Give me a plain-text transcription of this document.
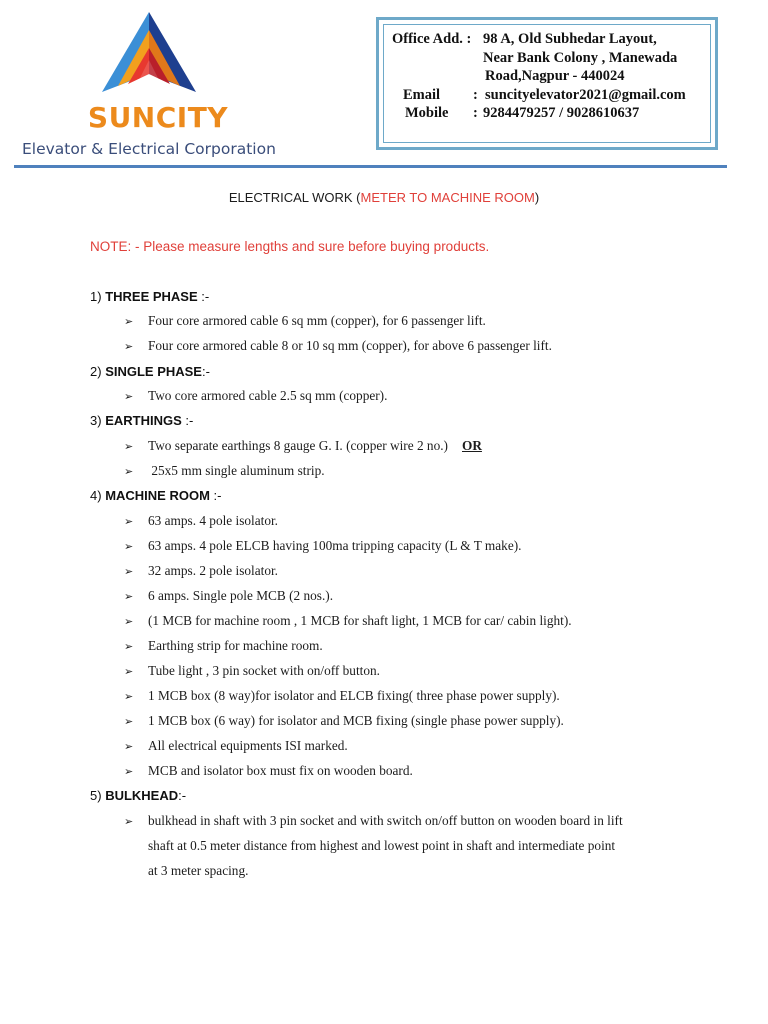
SUNCITY
Elevator & Electrical Corporation
Office Add. : 98 A, Old Subhedar Layout,
Near Bank Colony , Manewada
Road,Nagpur - 440024
Email : suncityelevator2021@gmail.com
Mobile : 9284479257 / 9028610637
ELECTRICAL WORK (METER TO MACHINE ROOM)
NOTE: - Please measure lengths and sure before buying products.
1) THREE PHASE :-
➢ Four core armored cable 6 sq mm (copper), for 6 passenger lift.
➢ Four core armored cable 8 or 10 sq mm (copper), for above 6 passenger lift.
2) SINGLE PHASE:-
➢ Two core armored cable 2.5 sq mm (copper).
3) EARTHINGS :-
➢ Two separate earthings 8 gauge G. I. (copper wire 2 no.) OR
➢ 25x5 mm single aluminum strip.
4) MACHINE ROOM :-
➢ 63 amps. 4 pole isolator.
➢ 63 amps. 4 pole ELCB having 100ma tripping capacity (L & T make).
➢ 32 amps. 2 pole isolator.
➢ 6 amps. Single pole MCB (2 nos.).
➢ (1 MCB for machine room , 1 MCB for shaft light, 1 MCB for car/ cabin light).
➢ Earthing strip for machine room.
➢ Tube light , 3 pin socket with on/off button.
➢ 1 MCB box (8 way)for isolator and ELCB fixing( three phase power supply).
➢ 1 MCB box (6 way) for isolator and MCB fixing (single phase power supply).
➢ All electrical equipments ISI marked.
➢ MCB and isolator box must fix on wooden board.
5) BULKHEAD:-
➢ bulkhead in shaft with 3 pin socket and with switch on/off button on wooden board in lift
shaft at 0.5 meter distance from highest and lowest point in shaft and intermediate point
at 3 meter spacing.
